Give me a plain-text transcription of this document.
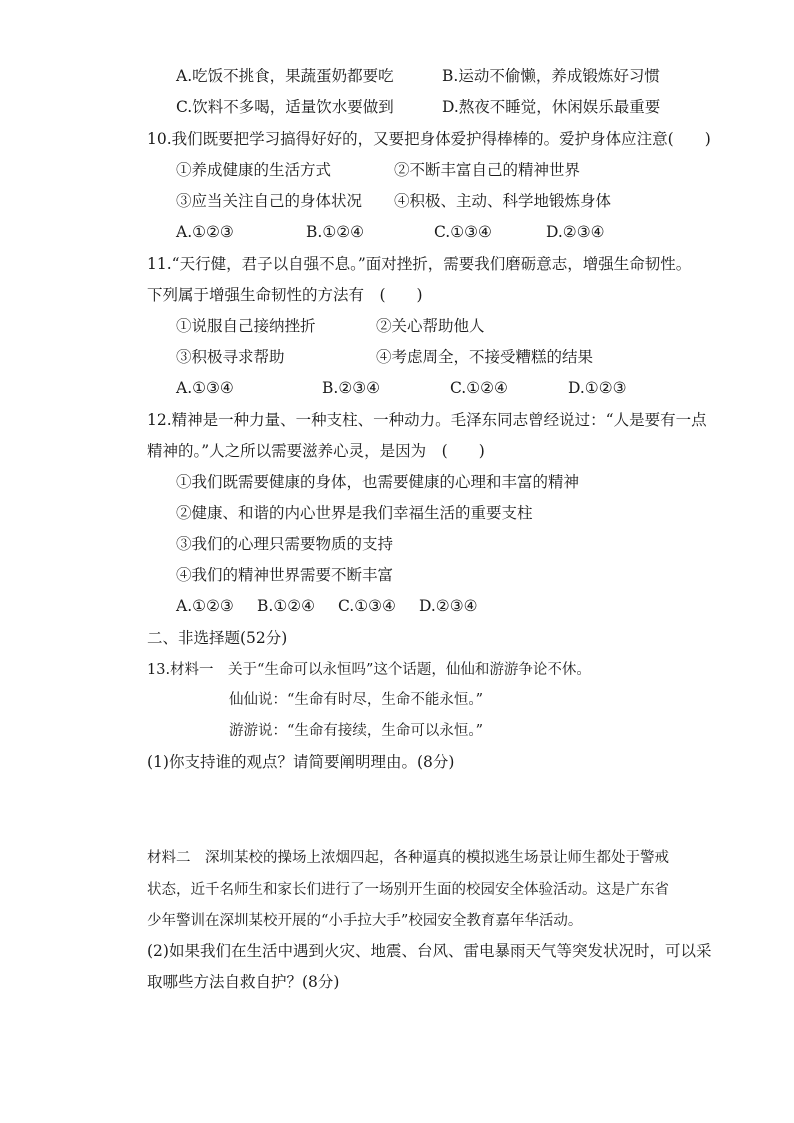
A.吃饭不挑食，果蔬蛋奶都要吃	B.运动不偷懒，养成锻炼好习惯
C.饮料不多喝，适量饮水要做到	D.熬夜不睡觉，休闲娱乐最重要
10.我们既要把学习搞得好好的，又要把身体爱护得棒棒的。爱护身体应注意(　　)
①养成健康的生活方式	②不断丰富自己的精神世界
③应当关注自己的身体状况 ④积极、主动、科学地锻炼身体
A.①②③	B.①②④	C.①③④	D.②③④
11.“天行健，君子以自强不息。”面对挫折，需要我们磨砺意志，增强生命韧性。
下列属于增强生命韧性的方法有　(　　)
①说服自己接纳挫折	②关心帮助他人
③积极寻求帮助	④考虑周全，不接受糟糕的结果
A.①③④	B.②③④	C.①②④	D.①②③
12.精神是一种力量、一种支柱、一种动力。毛泽东同志曾经说过：“人是要有一点
精神的。”人之所以需要滋养心灵，是因为　(　　)
①我们既需要健康的身体，也需要健康的心理和丰富的精神
②健康、和谐的内心世界是我们幸福生活的重要支柱
③我们的心理只需要物质的支持
④我们的精神世界需要不断丰富
A.①②③ B.①②④ C.①③④ D.②③④
二、非选择题(52分)
13.材料一　关于“生命可以永恒吗”这个话题，仙仙和游游争论不休。
仙仙说：“生命有时尽，生命不能永恒。”
游游说：“生命有接续，生命可以永恒。”
(1)你支持谁的观点？请简要阐明理由。(8分)
材料二　深圳某校的操场上浓烟四起，各种逼真的模拟逃生场景让师生都处于警戒
状态，近千名师生和家长们进行了一场别开生面的校园安全体验活动。这是广东省
少年警训在深圳某校开展的“小手拉大手”校园安全教育嘉年华活动。
(2)如果我们在生活中遇到火灾、地震、台风、雷电暴雨天气等突发状况时，可以采
取哪些方法自救自护？(8分)
